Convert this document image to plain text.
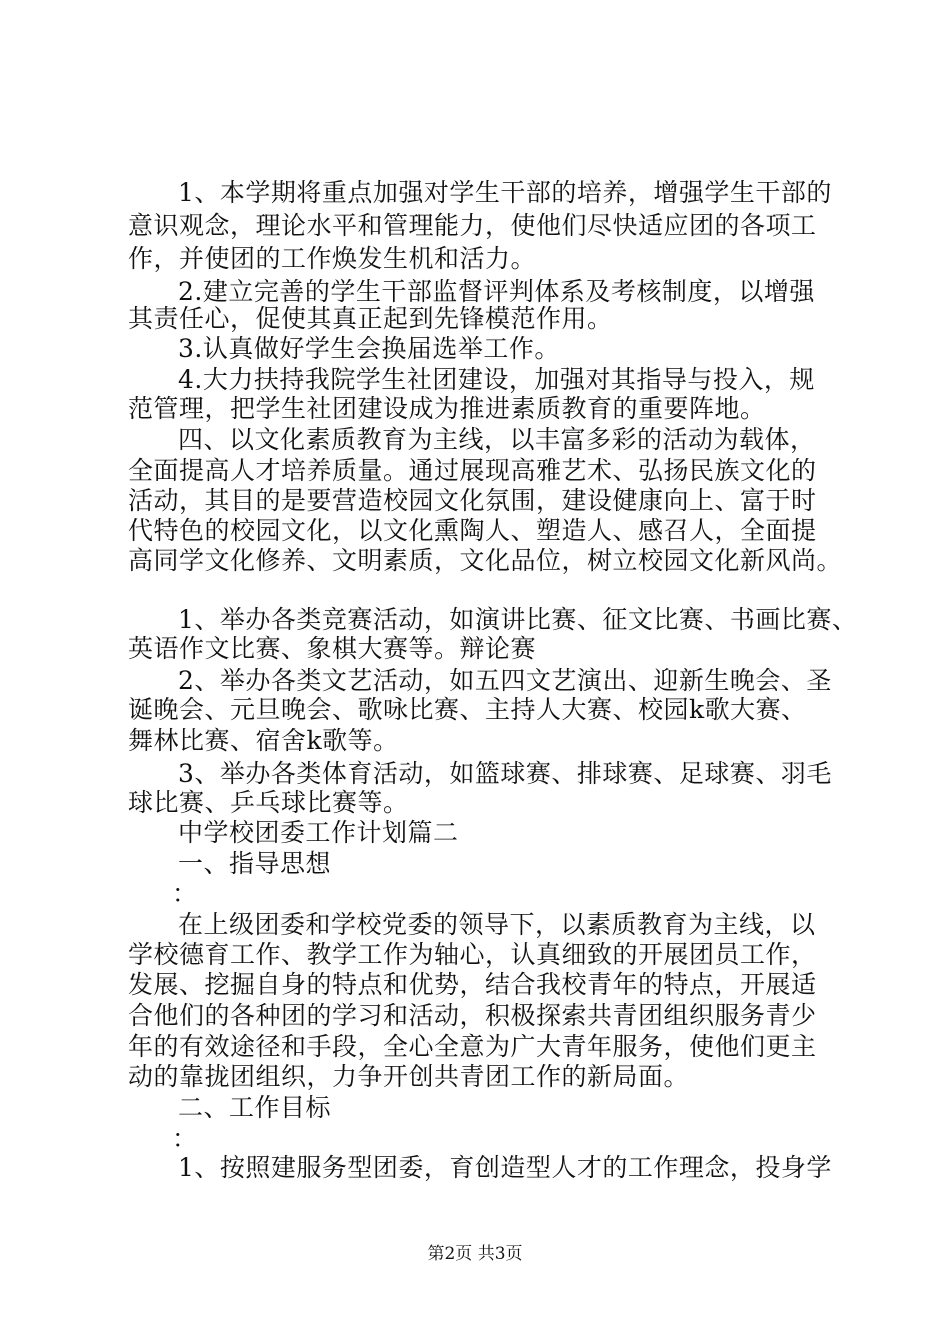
1、本学期将重点加强对学生干部的培养，增强学生干部的
意识观念，理论水平和管理能力，使他们尽快适应团的各项工
作，并使团的工作焕发生机和活力。
2.建立完善的学生干部监督评判体系及考核制度，以增强
其责任心，促使其真正起到先锋模范作用。
3.认真做好学生会换届选举工作。
4.大力扶持我院学生社团建设，加强对其指导与投入，规
范管理，把学生社团建设成为推进素质教育的重要阵地。
四、以文化素质教育为主线，以丰富多彩的活动为载体，
全面提高人才培养质量。通过展现高雅艺术、弘扬民族文化的
活动，其目的是要营造校园文化氛围，建设健康向上、富于时
代特色的校园文化，以文化熏陶人、塑造人、感召人，全面提
高同学文化修养、文明素质，文化品位，树立校园文化新风尚。
1、举办各类竞赛活动，如演讲比赛、征文比赛、书画比赛、
英语作文比赛、象棋大赛等。辩论赛
2、举办各类文艺活动，如五四文艺演出、迎新生晚会、圣
诞晚会、元旦晚会、歌咏比赛、主持人大赛、校园k歌大赛、
舞林比赛、宿舍k歌等。
3、举办各类体育活动，如篮球赛、排球赛、足球赛、羽毛
球比赛、乒乓球比赛等。
中学校团委工作计划篇二
一、指导思想
：
在上级团委和学校党委的领导下，以素质教育为主线，以
学校德育工作、教学工作为轴心，认真细致的开展团员工作，
发展、挖掘自身的特点和优势，结合我校青年的特点，开展适
合他们的各种团的学习和活动，积极探索共青团组织服务青少
年的有效途径和手段，全心全意为广大青年服务，使他们更主
动的靠拢团组织，力争开创共青团工作的新局面。
二、工作目标
：
1、按照建服务型团委，育创造型人才的工作理念，投身学
第2页 共3页
